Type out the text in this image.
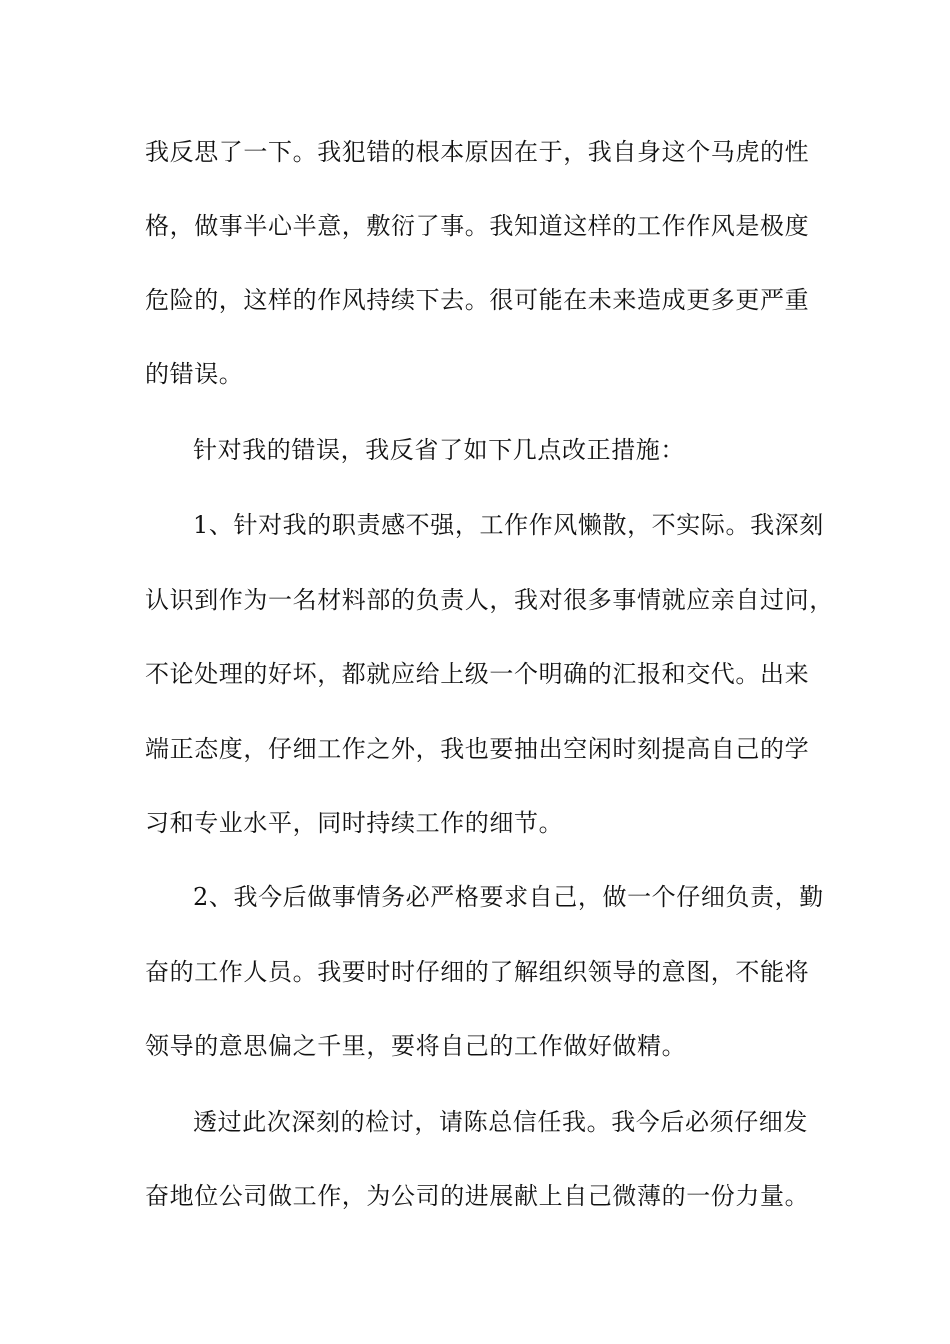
我反思了一下。我犯错的根本原因在于，我自身这个马虎的性
格，做事半心半意，敷衍了事。我知道这样的工作作风是极度
危险的，这样的作风持续下去。很可能在未来造成更多更严重
的错误。
针对我的错误，我反省了如下几点改正措施：
1、针对我的职责感不强，工作作风懒散，不实际。我深刻
认识到作为一名材料部的负责人，我对很多事情就应亲自过问，
不论处理的好坏，都就应给上级一个明确的汇报和交代。出来
端正态度，仔细工作之外，我也要抽出空闲时刻提高自己的学
习和专业水平，同时持续工作的细节。
2、我今后做事情务必严格要求自己，做一个仔细负责，勤
奋的工作人员。我要时时仔细的了解组织领导的意图，不能将
领导的意思偏之千里，要将自己的工作做好做精。
透过此次深刻的检讨，请陈总信任我。我今后必须仔细发
奋地位公司做工作，为公司的进展献上自己微薄的一份力量。
